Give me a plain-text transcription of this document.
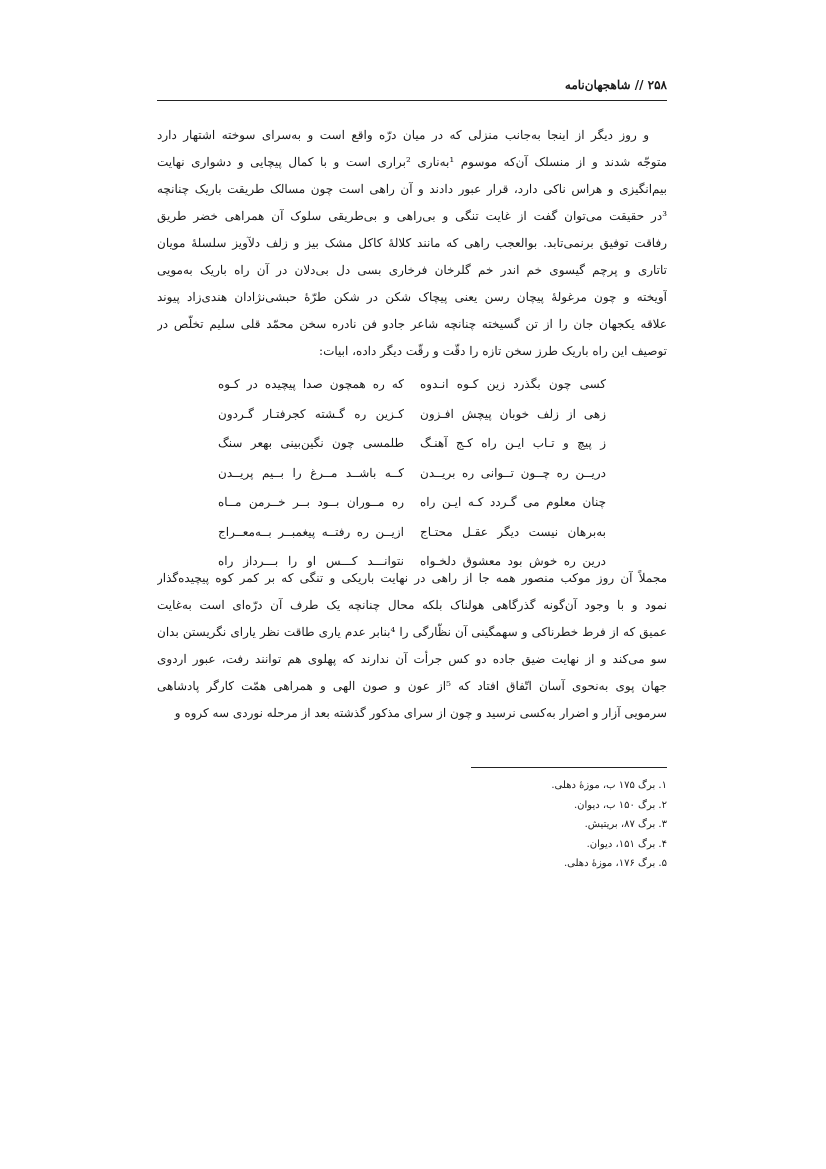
۲۵۸ // شاهجهان‌نامه
و روز دیگر از اینجا به‌جانب منزلی که در میان درّه واقع است و به‌سرای سوخته اشتهار دارد
متوجّه شدند و از منسلک آن‌که موسوم ¹به‌ناری ²براری است و با کمال پیچایی و دشواری نهایت
بیم‌انگیزی و هراس ناکی دارد، قرار عبور دادند و آن راهی است چون مسالک طریقت باریک چنانچه
³در حقیقت می‌توان گفت از غایت تنگی و بی‌راهی و بی‌طریقی سلوک آن همراهی خضر طریق
رفاقت توفیق برنمی‌تابد. بوالعجب راهی که مانند کلالهٔ کاکل مشک بیز و زلف دلآویز سلسلهٔ مویان
تاتاری و پرچم گیسوی خم اندر خم گلرخان فرخاری بسی دل بی‌دلان در آن راه باریک به‌مویی
آویخته و چون مرغولهٔ پیچان رسن یعنی پیچاک شکن در شکن طرّهٔ حبشی‌نژادان هندی‌زاد پیوند
علاقه یکجهان جان را از تن گسیخته چنانچه شاعر جادو فن نادره سخن محمّد قلی سلیم تخلّص در
توصیف این راه باریک طرز سخن تازه را دقّت و رقّت دیگر داده، ابیات:
کسی چون بگذرد زین کـوه انـدوه
که ره همچون صدا پیچیده در کـوه
زهی از زلف خوبان پیچش افـزون
کـزین ره گـشته کجرفتـار گـردون
ز پیچ و تـاب ایـن راه کـج آهنـگ
طلمسی چون نگین‌بینی بهعر سنگ
دریــن ره چــون تــوانی ره بریــدن
کــه باشــد مــرغ را بــیم پریــدن
چنان معلوم می گـردد کـه ایـن راه
ره مــوران بــود بــر خــرمن مــاه
به‌برهان نیست دیگر عقـل محتـاج
ازیــن ره رفتــه پیغمبــر بــه‌معــراج
درین ره خوش بود معشوق دلخـواه
نتوانـــد کـــس او را بـــرداز راه
مجملاً آن روز موکب منصور همه جا از راهی در نهایت باریکی و تنگی که بر کمر کوه پیچیده‌گذار
نمود و با وجود آن‌گونه گذرگاهی هولناک بلکه محال چنانچه یک طرف آن درّه‌ای است به‌غایت
عمیق که از فرط خطرناکی و سهمگینی آن نظّارگی را ⁴بنابر عدم یاری طاقت نظر یارای نگریستن بدان
سو می‌کند و از نهایت ضیق جاده دو کس جرأت آن ندارند که پهلوی هم توانند رفت، عبور اردوی
جهان پوی به‌نحوی آسان اتّفاق افتاد که ⁵از عون و صون الهی و همراهی همّت کارگر پادشاهی
سرمویی آزار و اضرار به‌کسی نرسید و چون از سرای مذکور گذشته بعد از مرحله نوردی سه کروه و
۱. برگ ۱۷۵ ب، موزهٔ دهلی.
۲. برگ ۱۵۰ ب، دیوان.
۳. برگ ۸۷، بریتیش.
۴. برگ ۱۵۱، دیوان.
۵. برگ ۱۷۶، موزهٔ دهلی.
